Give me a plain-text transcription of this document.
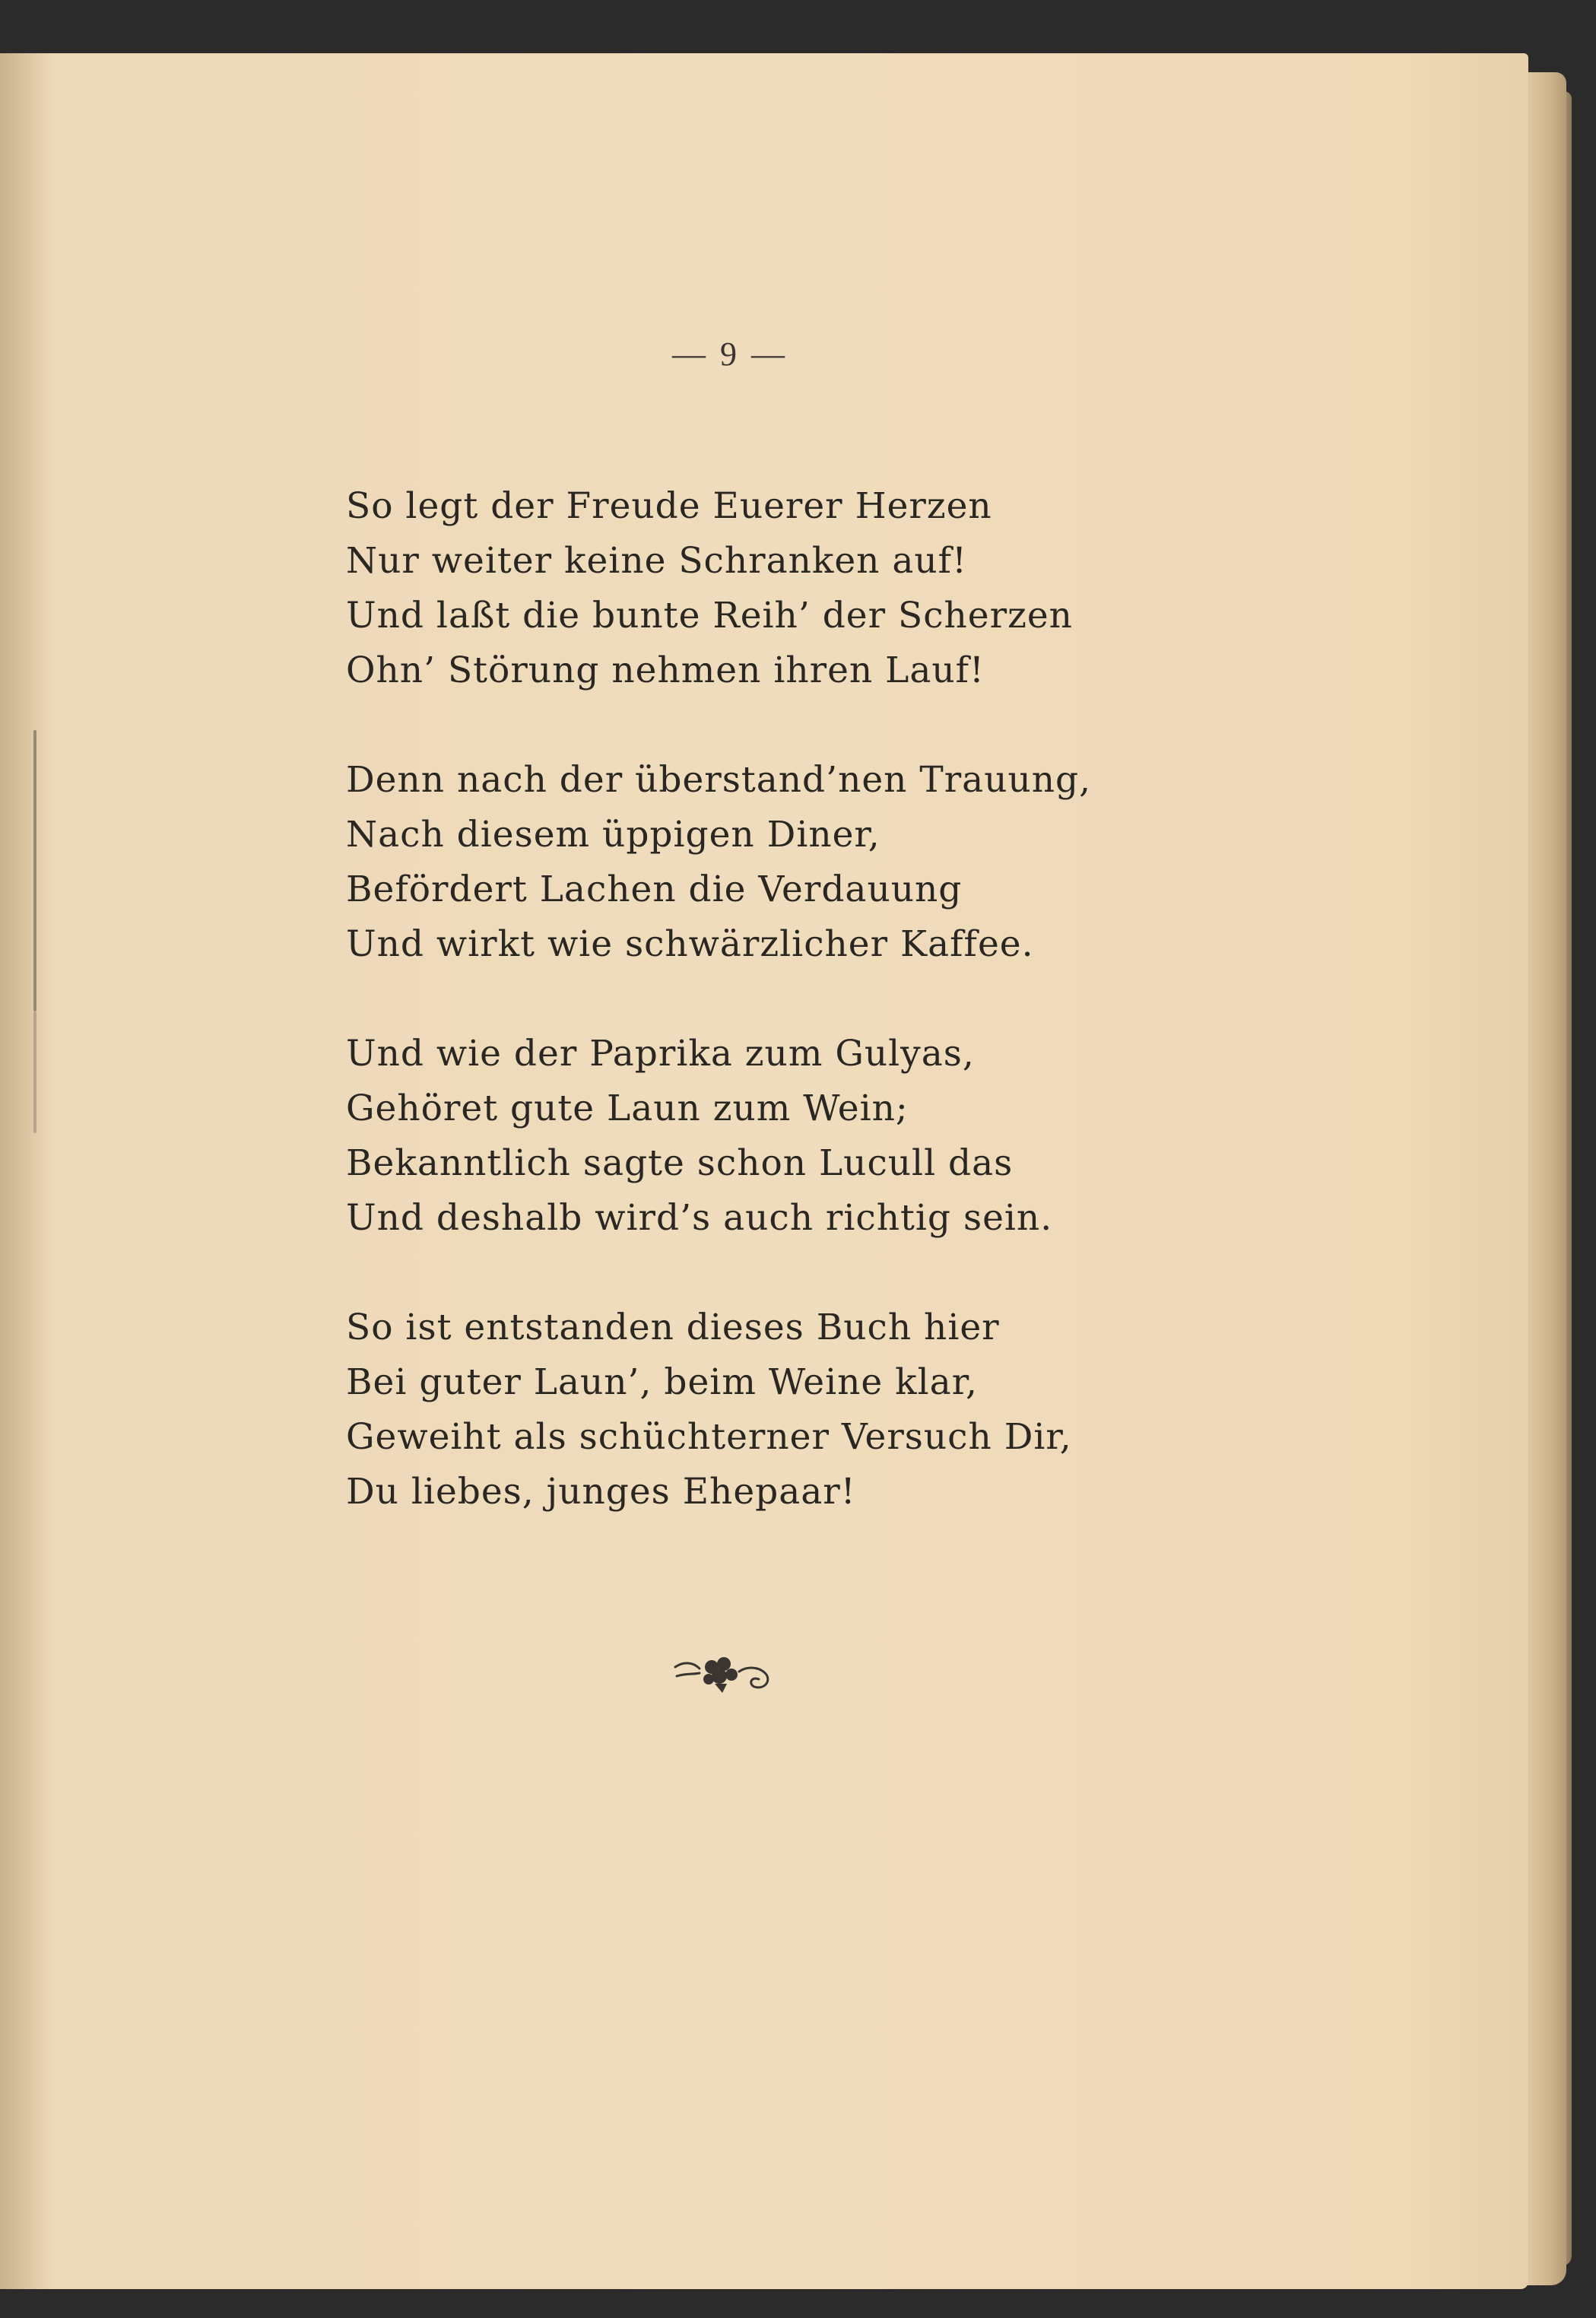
— 9 —
So legt der Freude Euerer Herzen
Nur weiter keine Schranken auf!
Und laßt die bunte Reih’ der Scherzen
Ohn’ Störung nehmen ihren Lauf!
Denn nach der überstand’nen Trauung,
Nach diesem üppigen Diner,
Befördert Lachen die Verdauung
Und wirkt wie schwärzlicher Kaffee.
Und wie der Paprika zum Gulyas,
Gehöret gute Laun zum Wein;
Bekanntlich sagte schon Lucull das
Und deshalb wird’s auch richtig sein.
So ist entstanden dieses Buch hier
Bei guter Laun’, beim Weine klar,
Geweiht als schüchterner Versuch Dir,
Du liebes, junges Ehepaar!
